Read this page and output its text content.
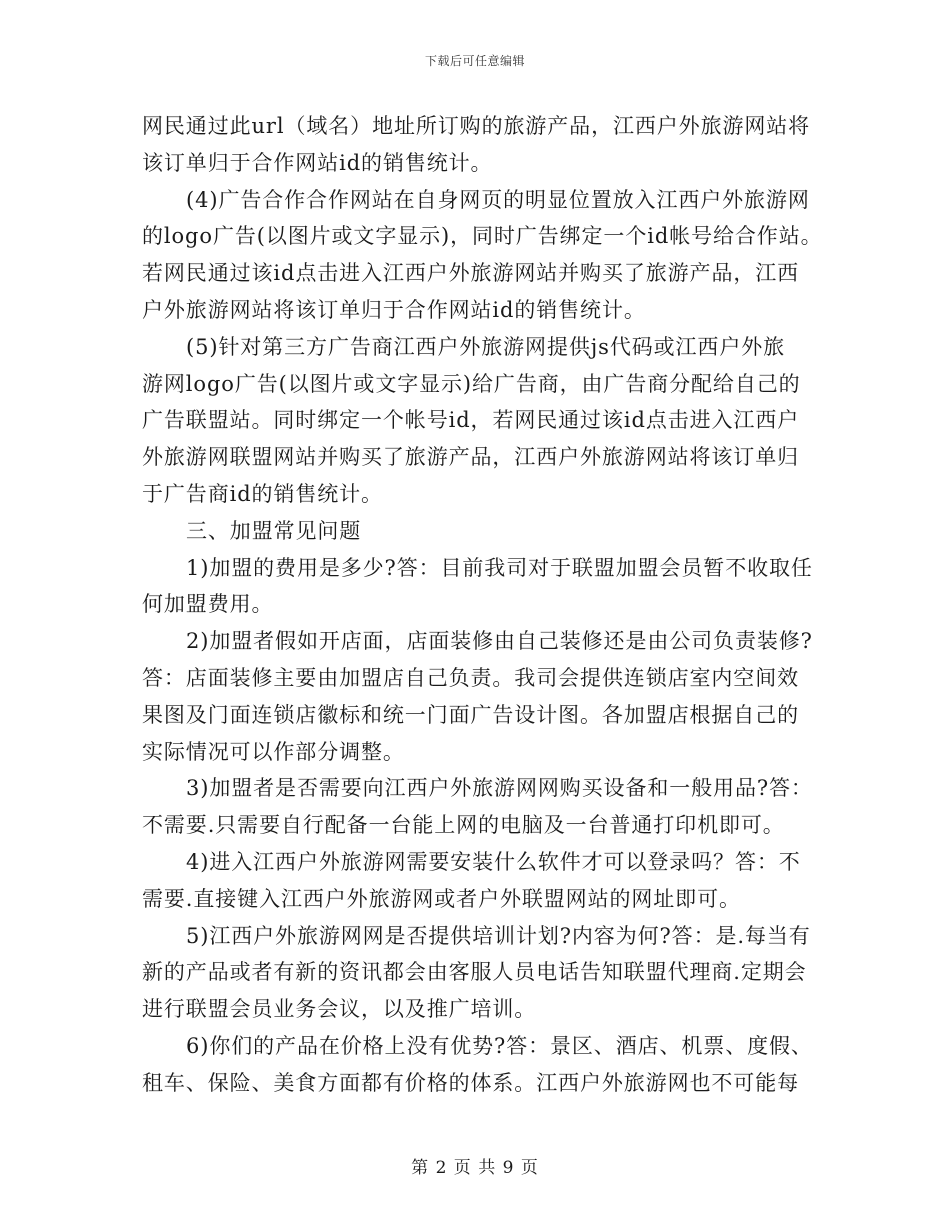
下载后可任意编辑
网民通过此url（域名）地址所订购的旅游产品，江西户外旅游网站将
该订单归于合作网站id的销售统计。
(4)广告合作合作网站在自身网页的明显位置放入江西户外旅游网
的logo广告(以图片或文字显示)，同时广告绑定一个id帐号给合作站。
若网民通过该id点击进入江西户外旅游网站并购买了旅游产品，江西
户外旅游网站将该订单归于合作网站id的销售统计。
(5)针对第三方广告商江西户外旅游网提供js代码或江西户外旅
游网logo广告(以图片或文字显示)给广告商，由广告商分配给自己的
广告联盟站。同时绑定一个帐号id，若网民通过该id点击进入江西户
外旅游网联盟网站并购买了旅游产品，江西户外旅游网站将该订单归
于广告商id的销售统计。
三、加盟常见问题
1)加盟的费用是多少?答：目前我司对于联盟加盟会员暂不收取任
何加盟费用。
2)加盟者假如开店面，店面装修由自己装修还是由公司负责装修?
答：店面装修主要由加盟店自己负责。我司会提供连锁店室内空间效
果图及门面连锁店徽标和统一门面广告设计图。各加盟店根据自己的
实际情况可以作部分调整。
3)加盟者是否需要向江西户外旅游网网购买设备和一般用品?答：
不需要.只需要自行配备一台能上网的电脑及一台普通打印机即可。
4)进入江西户外旅游网需要安装什么软件才可以登录吗？答：不
需要.直接键入江西户外旅游网或者户外联盟网站的网址即可。
5)江西户外旅游网网是否提供培训计划?内容为何?答：是.每当有
新的产品或者有新的资讯都会由客服人员电话告知联盟代理商.定期会
进行联盟会员业务会议，以及推广培训。
6)你们的产品在价格上没有优势?答：景区、酒店、机票、度假、
租车、保险、美食方面都有价格的体系。江西户外旅游网也不可能每
第 2 页 共 9 页
